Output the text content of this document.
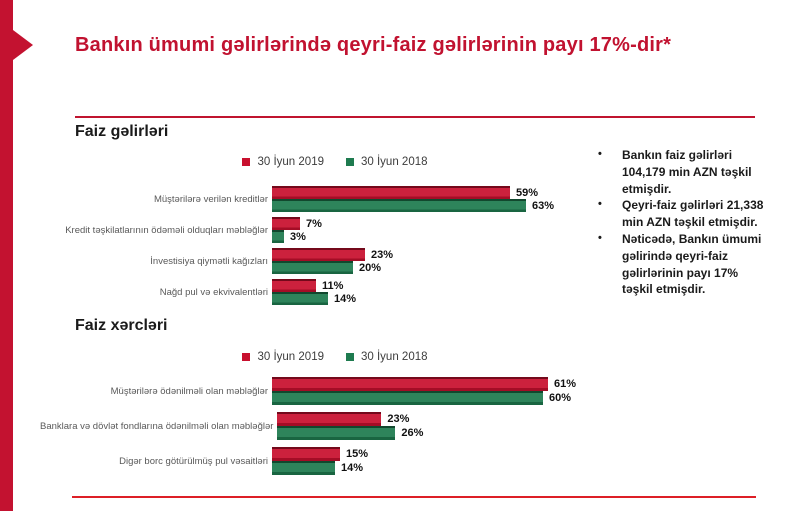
Bankın ümumi gəlirlərində qeyri-faiz gəlirlərinin payı 17%-dir*
Faiz gəlirləri
30 İyun 2019	30 İyun 2018
Müştərilərə verilən kreditlər
59%
63%
Kredit təşkilatlarının ödəməli olduqları məbləğlər
7%
3%
İnvestisiya qiymətli kağızları
23%
20%
Nağd pul və ekvivalentləri
11%
14%
Faiz xərcləri
30 İyun 2019	30 İyun 2018
Müştərilərə ödənilməli olan məbləğlər
61%
60%
Banklara və dövlət fondlarına ödənilməli olan məbləğlər
23%
26%
Digər borc götürülmüş pul vəsaitləri
15%
14%
•	Bankın faiz gəlirləri 104,179 min AZN təşkil etmişdir.
•	Qeyri-faiz gəlirləri 21,338 min AZN təşkil etmişdir.
•	Nəticədə, Bankın ümumi gəlirində qeyri-faiz gəlirlərinin payı 17% təşkil etmişdir.
